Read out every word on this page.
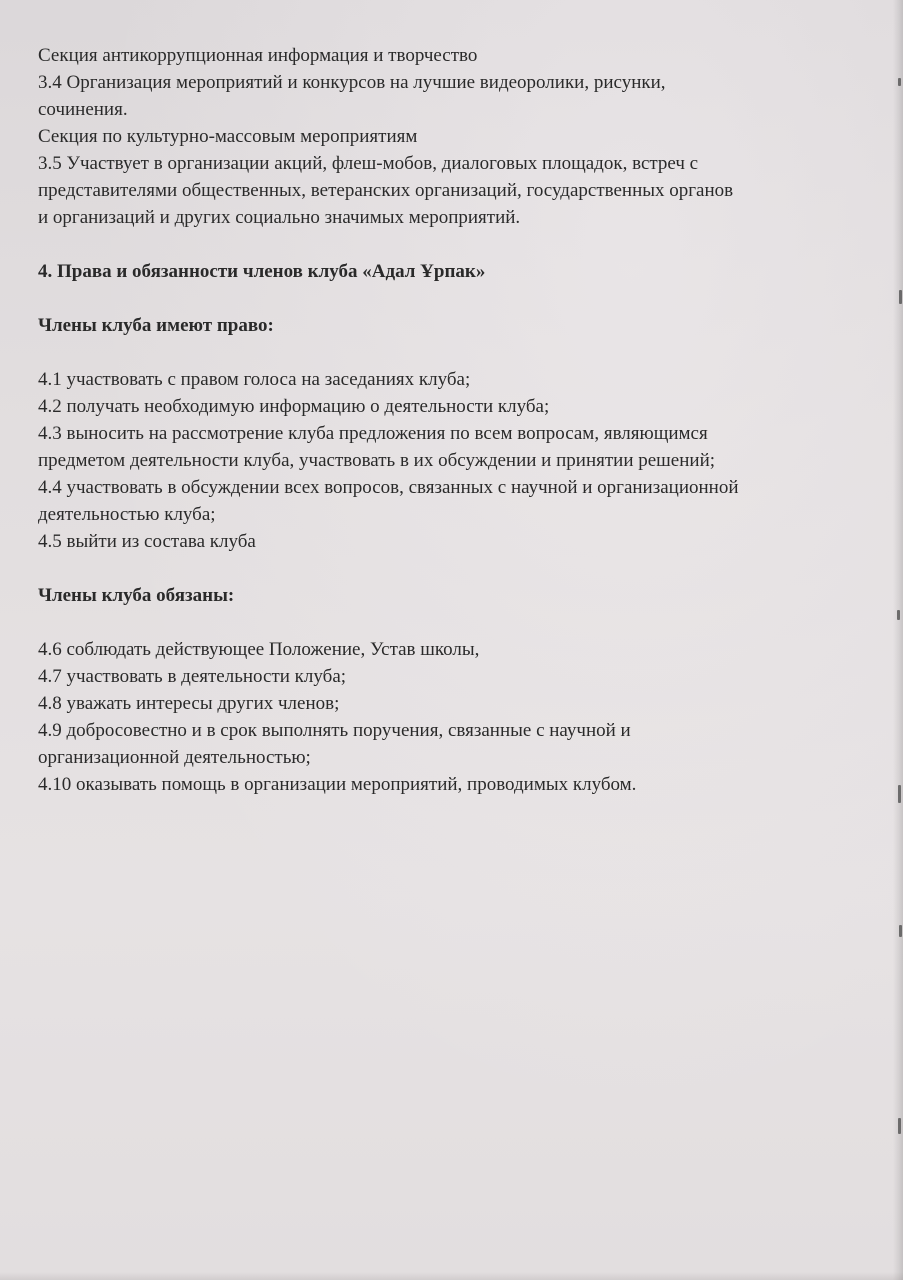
Секция антикоррупционная информация и творчество
3.4 Организация мероприятий и конкурсов на лучшие видеоролики, рисунки,
сочинения.
Секция по культурно-массовым мероприятиям
3.5 Участвует в организации акций, флеш-мобов, диалоговых площадок, встреч с
представителями общественных, ветеранских организаций, государственных органов
и организаций и других социально значимых мероприятий.
4. Права и обязанности членов клуба «Адал Ұрпак»
Члены клуба имеют право:
4.1 участвовать с правом голоса на заседаниях клуба;
4.2 получать необходимую информацию о деятельности клуба;
4.3 выносить на рассмотрение клуба предложения по всем вопросам, являющимся
предметом деятельности клуба, участвовать в их обсуждении и принятии решений;
4.4 участвовать в обсуждении всех вопросов, связанных с научной и организационной
деятельностью клуба;
4.5 выйти из состава клуба
Члены клуба обязаны:
4.6 соблюдать действующее Положение, Устав школы,
4.7 участвовать в деятельности клуба;
4.8 уважать интересы других членов;
4.9 добросовестно и в срок выполнять поручения, связанные с научной и
организационной деятельностью;
4.10 оказывать помощь в организации мероприятий, проводимых клубом.
